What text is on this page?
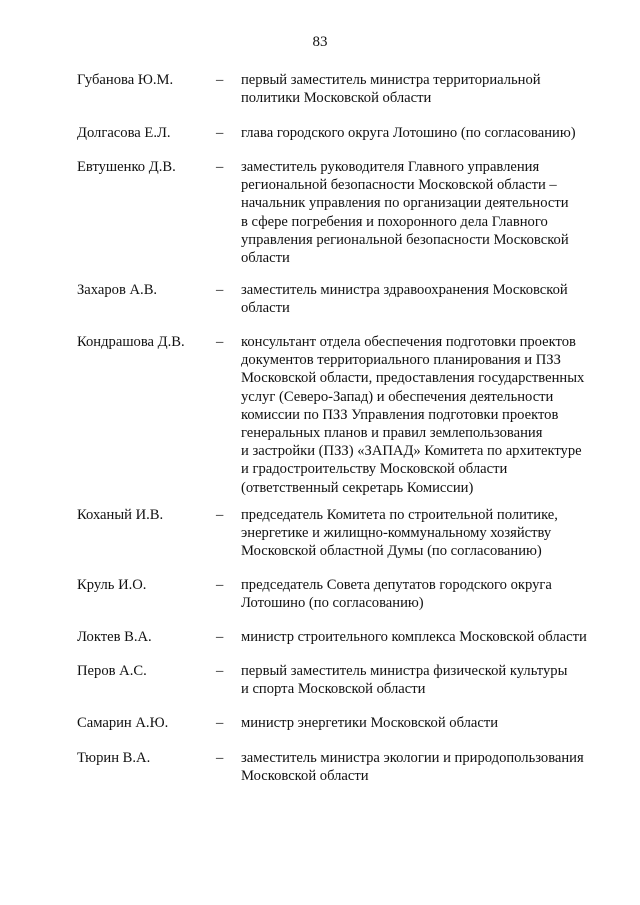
83
Губанова Ю.М.	– первый заместитель министра территориальной
политики Московской области
Долгасова Е.Л.	– глава городского округа Лотошино (по согласованию)
Евтушенко Д.В.	– заместитель руководителя Главного управления
региональной безопасности Московской области –
начальник управления по организации деятельности
в сфере погребения и похоронного дела Главного
управления региональной безопасности Московской
области
Захаров А.В.	– заместитель министра здравоохранения Московской
области
Кондрашова Д.В. – консультант отдела обеспечения подготовки проектов
документов территориального планирования и ПЗЗ
Московской области, предоставления государственных
услуг (Северо-Запад) и обеспечения деятельности
комиссии по ПЗЗ Управления подготовки проектов
генеральных планов и правил землепользования
и застройки (ПЗЗ) «ЗАПАД» Комитета по архитектуре
и градостроительству Московской области
(ответственный секретарь Комиссии)
Коханый И.В.	– председатель Комитета по строительной политике,
энергетике и жилищно-коммунальному хозяйству
Московской областной Думы (по согласованию)
Круль И.О.	– председатель Совета депутатов городского округа
Лотошино (по согласованию)
Локтев В.А.	– министр строительного комплекса Московской области
Перов А.С.	– первый заместитель министра физической культуры
и спорта Московской области
Самарин А.Ю.	– министр энергетики Московской области
Тюрин В.А.	– заместитель министра экологии и природопользования
Московской области
